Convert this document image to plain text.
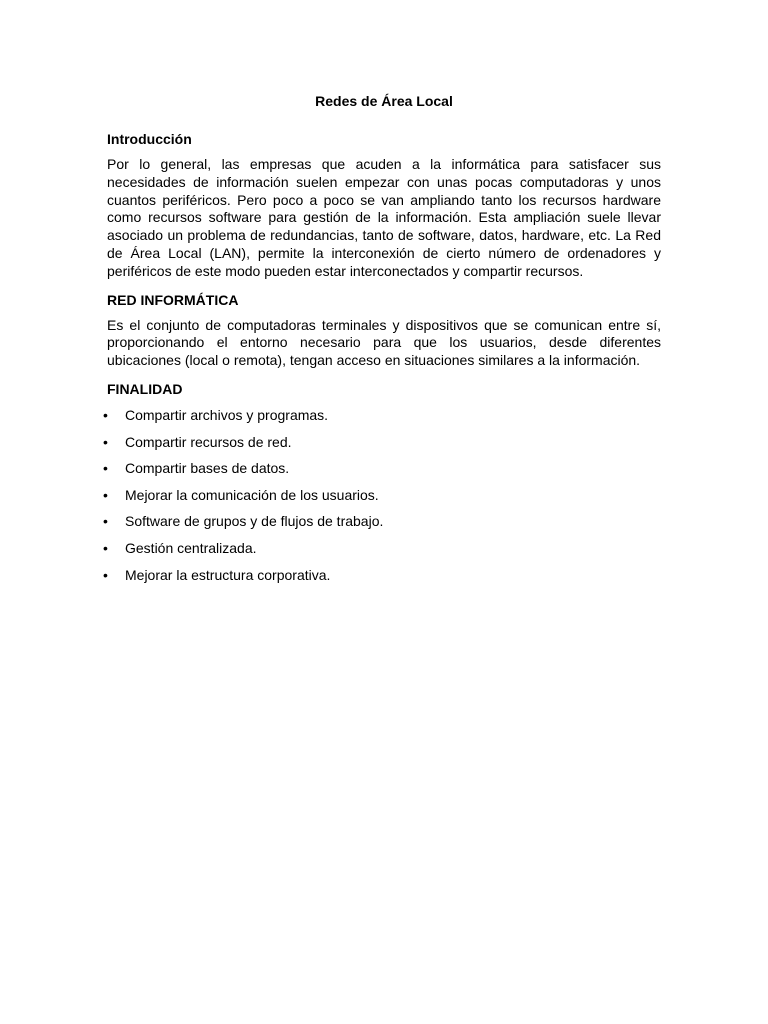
Redes de Área Local
Introducción

Por lo general, las empresas que acuden a la informática para satisfacer sus necesidades de información suelen empezar con unas pocas computadoras y unos cuantos periféricos. Pero poco a poco se van ampliando tanto los recursos hardware como recursos software para gestión de la información. Esta ampliación suele llevar asociado un problema de redundancias, tanto de software, datos, hardware, etc. La Red de Área Local (LAN), permite la interconexión de cierto número de ordenadores y periféricos de este modo pueden estar interconectados y compartir recursos.

RED INFORMÁTICA

Es el conjunto de computadoras terminales y dispositivos que se comunican entre sí, proporcionando el entorno necesario para que los usuarios, desde diferentes ubicaciones (local o remota), tengan acceso en situaciones similares a la información.

FINALIDAD
• Compartir archivos y programas.
• Compartir recursos de red.
• Compartir bases de datos.
• Mejorar la comunicación de los usuarios.
• Software de grupos y de flujos de trabajo.
• Gestión centralizada.
• Mejorar la estructura corporativa.
